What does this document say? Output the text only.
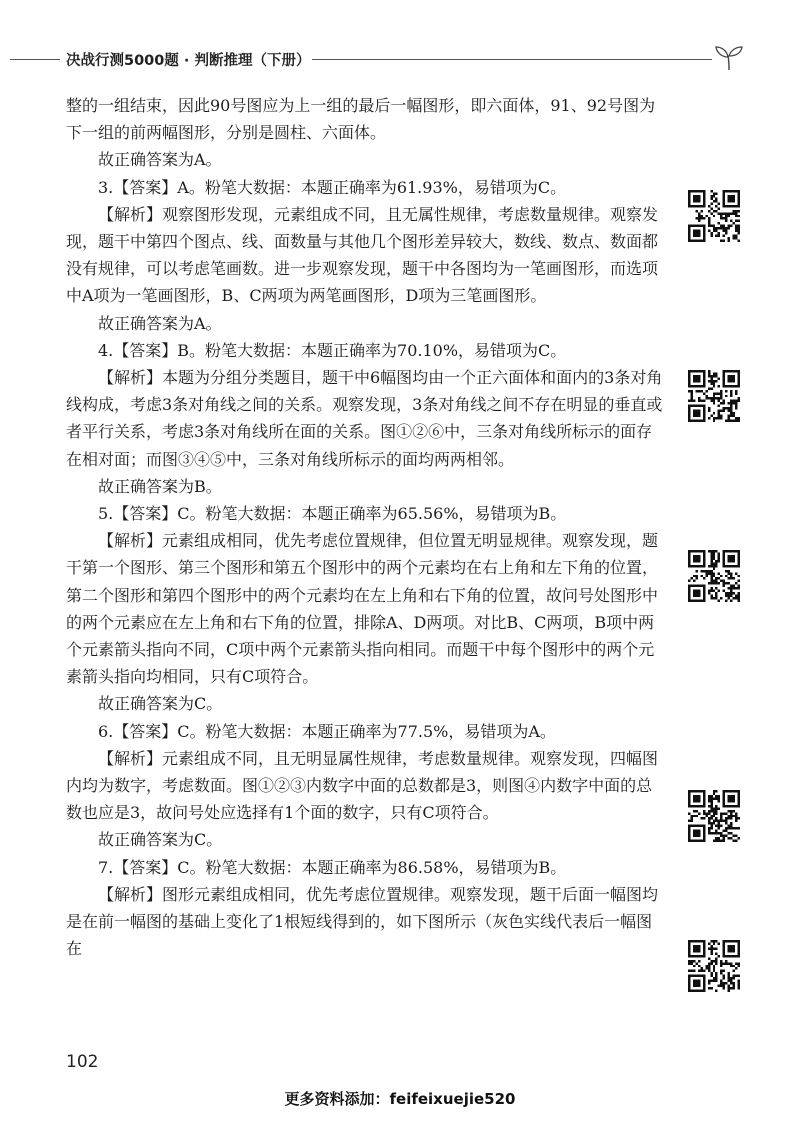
决战行测5000题 · 判断推理（下册）

整的一组结束，因此90号图应为上一组的最后一幅图形，即六面体，91、92号图为下一组的前两幅图形，分别是圆柱、六面体。

故正确答案为A。

3.【答案】A。粉笔大数据：本题正确率为61.93%，易错项为C。

【解析】观察图形发现，元素组成不同，且无属性规律，考虑数量规律。观察发现，题干中第四个图点、线、面数量与其他几个图形差异较大，数线、数点、数面都没有规律，可以考虑笔画数。进一步观察发现，题干中各图均为一笔画图形，而选项中A项为一笔画图形，B、C两项为两笔画图形，D项为三笔画图形。

故正确答案为A。

4.【答案】B。粉笔大数据：本题正确率为70.10%，易错项为C。

【解析】本题为分组分类题目，题干中6幅图均由一个正六面体和面内的3条对角线构成，考虑3条对角线之间的关系。观察发现，3条对角线之间不存在明显的垂直或者平行关系，考虑3条对角线所在面的关系。图①②⑥中，三条对角线所标示的面存在相对面；而图③④⑤中，三条对角线所标示的面均两两相邻。

故正确答案为B。

5.【答案】C。粉笔大数据：本题正确率为65.56%，易错项为B。

【解析】元素组成相同，优先考虑位置规律，但位置无明显规律。观察发现，题干第一个图形、第三个图形和第五个图形中的两个元素均在右上角和左下角的位置，第二个图形和第四个图形中的两个元素均在左上角和右下角的位置，故问号处图形中的两个元素应在左上角和右下角的位置，排除A、D两项。对比B、C两项，B项中两个元素箭头指向不同，C项中两个元素箭头指向相同。而题干中每个图形中的两个元素箭头指向均相同，只有C项符合。

故正确答案为C。

6.【答案】C。粉笔大数据：本题正确率为77.5%，易错项为A。

【解析】元素组成不同，且无明显属性规律，考虑数量规律。观察发现，四幅图内均为数字，考虑数面。图①②③内数字中面的总数都是3，则图④内数字中面的总数也应是3，故问号处应选择有1个面的数字，只有C项符合。

故正确答案为C。

7.【答案】C。粉笔大数据：本题正确率为86.58%，易错项为B。

【解析】图形元素组成相同，优先考虑位置规律。观察发现，题干后面一幅图均是在前一幅图的基础上变化了1根短线得到的，如下图所示（灰色实线代表后一幅图在

102
更多资料添加：feifeixuejie520
